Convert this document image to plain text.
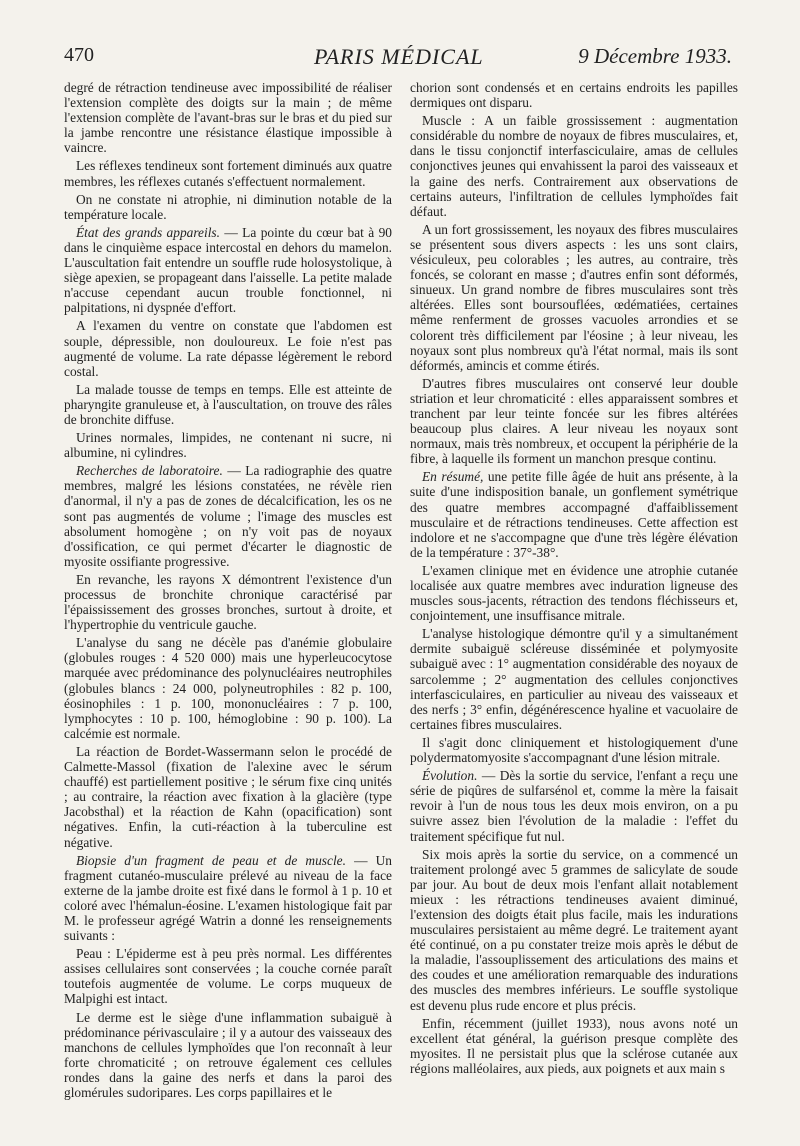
470	PARIS MÉDICAL	9 Décembre 1933.

degré de rétraction tendineuse avec impossibilité de réaliser l'extension complète des doigts sur la main ; de même l'extension complète de l'avant-bras sur le bras et du pied sur la jambe rencontre une résistance élastique impossible à vaincre.

Les réflexes tendineux sont fortement diminués aux quatre membres, les réflexes cutanés s'effectuent normalement.

On ne constate ni atrophie, ni diminution notable de la température locale.

État des grands appareils. — La pointe du cœur bat à 90 dans le cinquième espace intercostal en dehors du mamelon. L'auscultation fait entendre un souffle rude holosystolique, à siège apexien, se propageant dans l'aisselle. La petite malade n'accuse cependant aucun trouble fonctionnel, ni palpitations, ni dyspnée d'effort.

A l'examen du ventre on constate que l'abdomen est souple, dépressible, non douloureux. Le foie n'est pas augmenté de volume. La rate dépasse légèrement le rebord costal.

La malade tousse de temps en temps. Elle est atteinte de pharyngite granuleuse et, à l'auscultation, on trouve des râles de bronchite diffuse.

Urines normales, limpides, ne contenant ni sucre, ni albumine, ni cylindres.

Recherches de laboratoire. — La radiographie des quatre membres, malgré les lésions constatées, ne révèle rien d'anormal, il n'y a pas de zones de décalcification, les os ne sont pas augmentés de volume ; l'image des muscles est absolument homogène ; on n'y voit pas de noyaux d'ossification, ce qui permet d'écarter le diagnostic de myosite ossifiante progressive.

En revanche, les rayons X démontrent l'existence d'un processus de bronchite chronique caractérisé par l'épaississement des grosses bronches, surtout à droite, et l'hypertrophie du ventricule gauche.

L'analyse du sang ne décèle pas d'anémie globulaire (globules rouges : 4 520 000) mais une hyperleucocytose marquée avec prédominance des polynucléaires neutrophiles (globules blancs : 24 000, polyneutrophiles : 82 p. 100, éosinophiles : 1 p. 100, mononucléaires : 7 p. 100, lymphocytes : 10 p. 100, hémoglobine : 90 p. 100). La calcémie est normale.

La réaction de Bordet-Wassermann selon le procédé de Calmette-Massol (fixation de l'alexine avec le sérum chauffé) est partiellement positive ; le sérum fixe cinq unités ; au contraire, la réaction avec fixation à la glacière (type Jacobsthal) et la réaction de Kahn (opacification) sont négatives. Enfin, la cuti-réaction à la tuberculine est négative.

Biopsie d'un fragment de peau et de muscle. — Un fragment cutanéo-musculaire prélevé au niveau de la face externe de la jambe droite est fixé dans le formol à 1 p. 10 et coloré avec l'hémalun-éosine. L'examen histologique fait par M. le professeur agrégé Watrin a donné les renseignements suivants :

Peau : L'épiderme est à peu près normal. Les différentes assises cellulaires sont conservées ; la couche cornée paraît toutefois augmentée de volume. Le corps muqueux de Malpighi est intact.

Le derme est le siège d'une inflammation subaiguë à prédominance périvasculaire ; il y a autour des vaisseaux des manchons de cellules lymphoïdes que l'on reconnaît à leur forte chromaticité ; on retrouve également ces cellules rondes dans la gaine des nerfs et dans la paroi des glomérules sudoripares. Les corps papillaires et le

chorion sont condensés et en certains endroits les papilles dermiques ont disparu.

Muscle : A un faible grossissement : augmentation considérable du nombre de noyaux de fibres musculaires, et, dans le tissu conjonctif interfasciculaire, amas de cellules conjonctives jeunes qui envahissent la paroi des vaisseaux et la gaine des nerfs. Contrairement aux observations de certains auteurs, l'infiltration de cellules lymphoïdes fait défaut.

A un fort grossissement, les noyaux des fibres musculaires se présentent sous divers aspects : les uns sont clairs, vésiculeux, peu colorables ; les autres, au contraire, très foncés, se colorant en masse ; d'autres enfin sont déformés, sinueux. Un grand nombre de fibres musculaires sont très altérées. Elles sont boursouflées, œdématiées, certaines même renferment de grosses vacuoles arrondies et se colorent très difficilement par l'éosine ; à leur niveau, les noyaux sont plus nombreux qu'à l'état normal, mais ils sont déformés, amincis et comme étirés.

D'autres fibres musculaires ont conservé leur double striation et leur chromaticité : elles apparaissent sombres et tranchent par leur teinte foncée sur les fibres altérées beaucoup plus claires. A leur niveau les noyaux sont normaux, mais très nombreux, et occupent la périphérie de la fibre, à laquelle ils forment un manchon presque continu.

En résumé, une petite fille âgée de huit ans présente, à la suite d'une indisposition banale, un gonflement symétrique des quatre membres accompagné d'affaiblissement musculaire et de rétractions tendineuses. Cette affection est indolore et ne s'accompagne que d'une très légère élévation de la température : 37°-38°.

L'examen clinique met en évidence une atrophie cutanée localisée aux quatre membres avec induration ligneuse des muscles sous-jacents, rétraction des tendons fléchisseurs et, conjointement, une insuffisance mitrale.

L'analyse histologique démontre qu'il y a simultanément dermite subaiguë scléreuse disséminée et polymyosite subaiguë avec : 1° augmentation considérable des noyaux de sarcolemme ; 2° augmentation des cellules conjonctives interfasciculaires, en particulier au niveau des vaisseaux et des nerfs ; 3° enfin, dégénérescence hyaline et vacuolaire de certaines fibres musculaires.

Il s'agit donc cliniquement et histologiquement d'une polydermatomyosite s'accompagnant d'une lésion mitrale.

Évolution. — Dès la sortie du service, l'enfant a reçu une série de piqûres de sulfarsénol et, comme la mère la faisait revoir à l'un de nous tous les deux mois environ, on a pu suivre assez bien l'évolution de la maladie : l'effet du traitement spécifique fut nul.

Six mois après la sortie du service, on a commencé un traitement prolongé avec 5 grammes de salicylate de soude par jour. Au bout de deux mois l'enfant allait notablement mieux : les rétractions tendineuses avaient diminué, l'extension des doigts était plus facile, mais les indurations musculaires persistaient au même degré. Le traitement ayant été continué, on a pu constater treize mois après le début de la maladie, l'assouplissement des articulations des mains et des coudes et une amélioration remarquable des indurations des muscles des membres inférieurs. Le souffle systolique est devenu plus rude encore et plus précis.

Enfin, récemment (juillet 1933), nous avons noté un excellent état général, la guérison presque complète des myosites. Il ne persistait plus que la sclérose cutanée aux régions malléolaires, aux pieds, aux poignets et aux main s
